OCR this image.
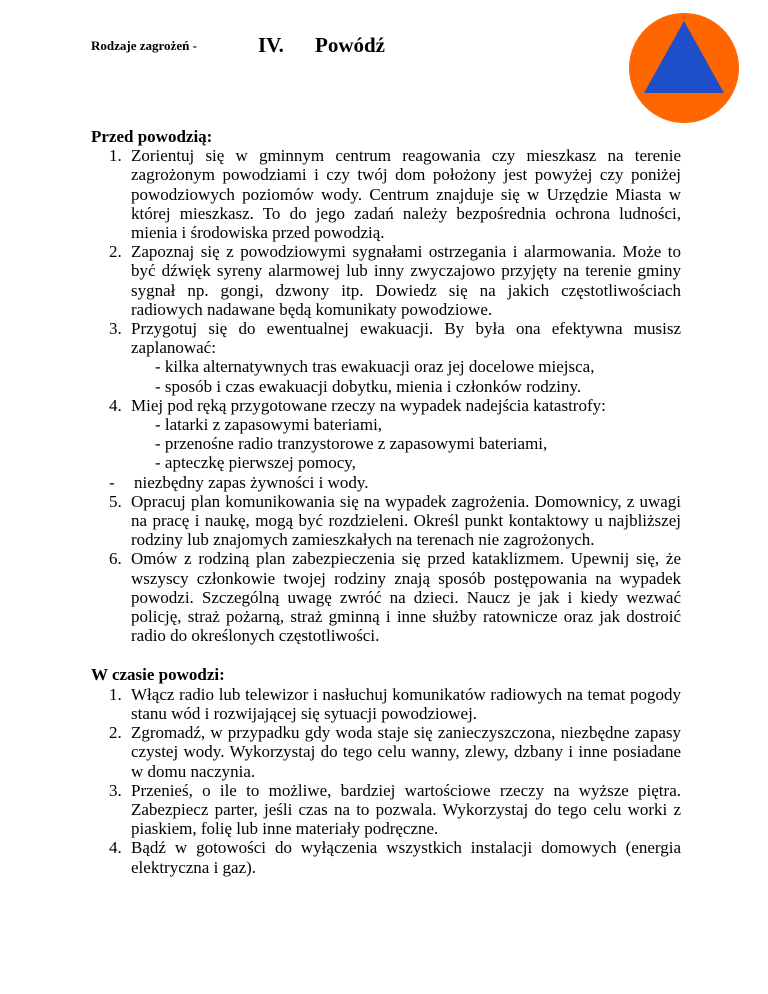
Rodzaje zagrożeń -	IV. Powódź
Przed powodzią:
1. Zorientuj się w gminnym centrum reagowania czy mieszkasz na terenie zagrożonym powodziami i czy twój dom położony jest powyżej czy poniżej powodziowych poziomów wody. Centrum znajduje się w Urzędzie Miasta w której mieszkasz. To do jego zadań należy bezpośrednia ochrona ludności, mienia i środowiska przed powodzią.
2. Zapoznaj się z powodziowymi sygnałami ostrzegania i alarmowania. Może to być dźwięk syreny alarmowej lub inny zwyczajowo przyjęty na terenie gminy sygnał np. gongi, dzwony itp. Dowiedz się na jakich częstotliwościach radiowych nadawane będą komunikaty powodziowe.
3. Przygotuj się do ewentualnej ewakuacji. By była ona efektywna musisz zaplanować:
- kilka alternatywnych tras ewakuacji oraz jej docelowe miejsca,
- sposób i czas ewakuacji dobytku, mienia i członków rodziny.
4. Miej pod ręką przygotowane rzeczy na wypadek nadejścia katastrofy:
- latarki z zapasowymi bateriami,
- przenośne radio tranzystorowe z zapasowymi bateriami,
- apteczkę pierwszej pomocy,
- niezbędny zapas żywności i wody.
5. Opracuj plan komunikowania się na wypadek zagrożenia. Domownicy, z uwagi na pracę i naukę, mogą być rozdzieleni. Określ punkt kontaktowy u najbliższej rodziny lub znajomych zamieszkałych na terenach nie zagrożonych.
6. Omów z rodziną plan zabezpieczenia się przed kataklizmem. Upewnij się, że wszyscy członkowie twojej rodziny znają sposób postępowania na wypadek powodzi. Szczególną uwagę zwróć na dzieci. Naucz je jak i kiedy wezwać policję, straż pożarną, straż gminną i inne służby ratownicze oraz jak dostroić radio do określonych częstotliwości.
W czasie powodzi:
1. Włącz radio lub telewizor i nasłuchuj komunikatów radiowych na temat pogody stanu wód i rozwijającej się sytuacji powodziowej.
2. Zgromadź, w przypadku gdy woda staje się zanieczyszczona, niezbędne zapasy czystej wody. Wykorzystaj do tego celu wanny, zlewy, dzbany i inne posiadane w domu naczynia.
3. Przenieś, o ile to możliwe, bardziej wartościowe rzeczy na wyższe piętra. Zabezpiecz parter, jeśli czas na to pozwala. Wykorzystaj do tego celu worki z piaskiem, folię lub inne materiały podręczne.
4. Bądź w gotowości do wyłączenia wszystkich instalacji domowych (energia elektryczna i gaz).
